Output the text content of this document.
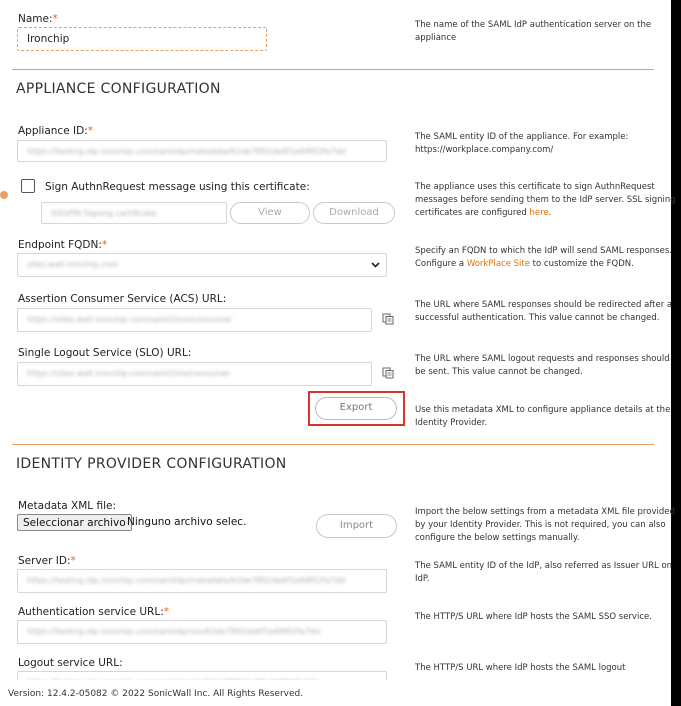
Name:*
Ironchip
The name of the SAML IdP authentication server on the appliance
APPLIANCE CONFIGURATION
Appliance ID:*
https://testing.idp.ironchip.com/samlidp/metadata/62de7892de6f1e69f02fa7dd
The SAML entity ID of the appliance. For example: https://workplace.company.com/
Sign AuthnRequest message using this certificate:
SSLVPN Signing certificate	View	Download
The appliance uses this certificate to sign AuthnRequest messages before sending them to the IdP server. SSL signing certificates are configured here.
Endpoint FQDN:*
sites.wall.ironchip.com
Specify an FQDN to which the IdP will send SAML responses. Configure a WorkPlace Site to customize the FQDN.
Assertion Consumer Service (ACS) URL:
https://sites.wall.ironchip.com/saml2/sso/consumer
The URL where SAML responses should be redirected after a successful authentication. This value cannot be changed.
Single Logout Service (SLO) URL:
https://sites.wall.ironchip.com/saml2/slo/consumer
The URL where SAML logout requests and responses should be sent. This value cannot be changed.
Export	Use this metadata XML to configure appliance details at the Identity Provider.
IDENTITY PROVIDER CONFIGURATION
Metadata XML file:
Seleccionar archivo Ninguno archivo selec.	Import
Import the below settings from a metadata XML file provided by your Identity Provider. This is not required, you can also configure the below settings manually.
Server ID:*
https://testing.idp.ironchip.com/samlidp/metadata/62de7892de6f1e69f02fa7dd
The SAML entity ID of the IdP, also referred as Issuer URL on IdP.
Authentication service URL:*
https://testing.idp.ironchip.com/samlidp/sso/62de7892de6f1e69f02fa7dd
The HTTP/S URL where IdP hosts the SAML SSO service.
Logout service URL:	The HTTP/S URL where IdP hosts the SAML logout
Version: 12.4.2-05082 © 2022 SonicWall Inc. All Rights Reserved.
